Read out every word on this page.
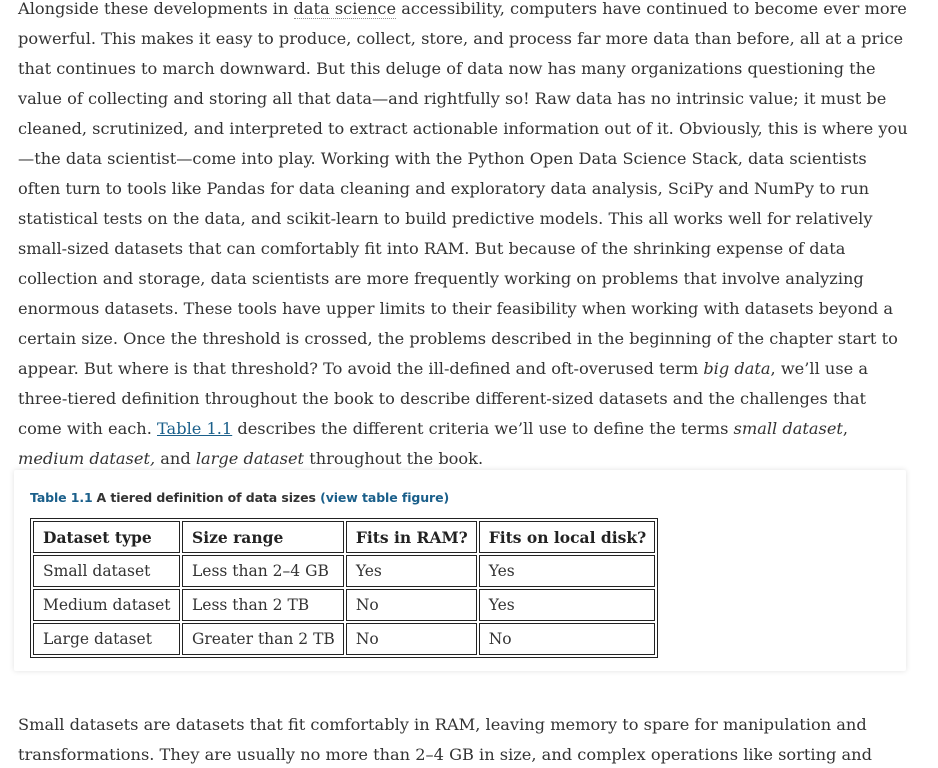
Alongside these developments in data science accessibility, computers have continued to become ever more powerful. This makes it easy to produce, collect, store, and process far more data than before, all at a price that continues to march downward. But this deluge of data now has many organizations questioning the value of collecting and storing all that data—and rightfully so! Raw data has no intrinsic value; it must be cleaned, scrutinized, and interpreted to extract actionable information out of it. Obviously, this is where you—the data scientist—come into play. Working with the Python Open Data Science Stack, data scientists often turn to tools like Pandas for data cleaning and exploratory data analysis, SciPy and NumPy to run statistical tests on the data, and scikit-learn to build predictive models. This all works well for relatively small-sized datasets that can comfortably fit into RAM. But because of the shrinking expense of data collection and storage, data scientists are more frequently working on problems that involve analyzing enormous datasets. These tools have upper limits to their feasibility when working with datasets beyond a certain size. Once the threshold is crossed, the problems described in the beginning of the chapter start to appear. But where is that threshold? To avoid the ill-defined and oft-overused term big data, we’ll use a three-tiered definition throughout the book to describe different-sized datasets and the challenges that come with each. Table 1.1 describes the different criteria we’ll use to define the terms small dataset, medium dataset, and large dataset throughout the book.

Table 1.1 A tiered definition of data sizes (view table figure)
Dataset type	Size range	Fits in RAM?	Fits on local disk?
Small dataset	Less than 2–4 GB	Yes	Yes
Medium dataset	Less than 2 TB	No	Yes
Large dataset	Greater than 2 TB	No	No

Small datasets are datasets that fit comfortably in RAM, leaving memory to spare for manipulation and transformations. They are usually no more than 2–4 GB in size, and complex operations like sorting and
